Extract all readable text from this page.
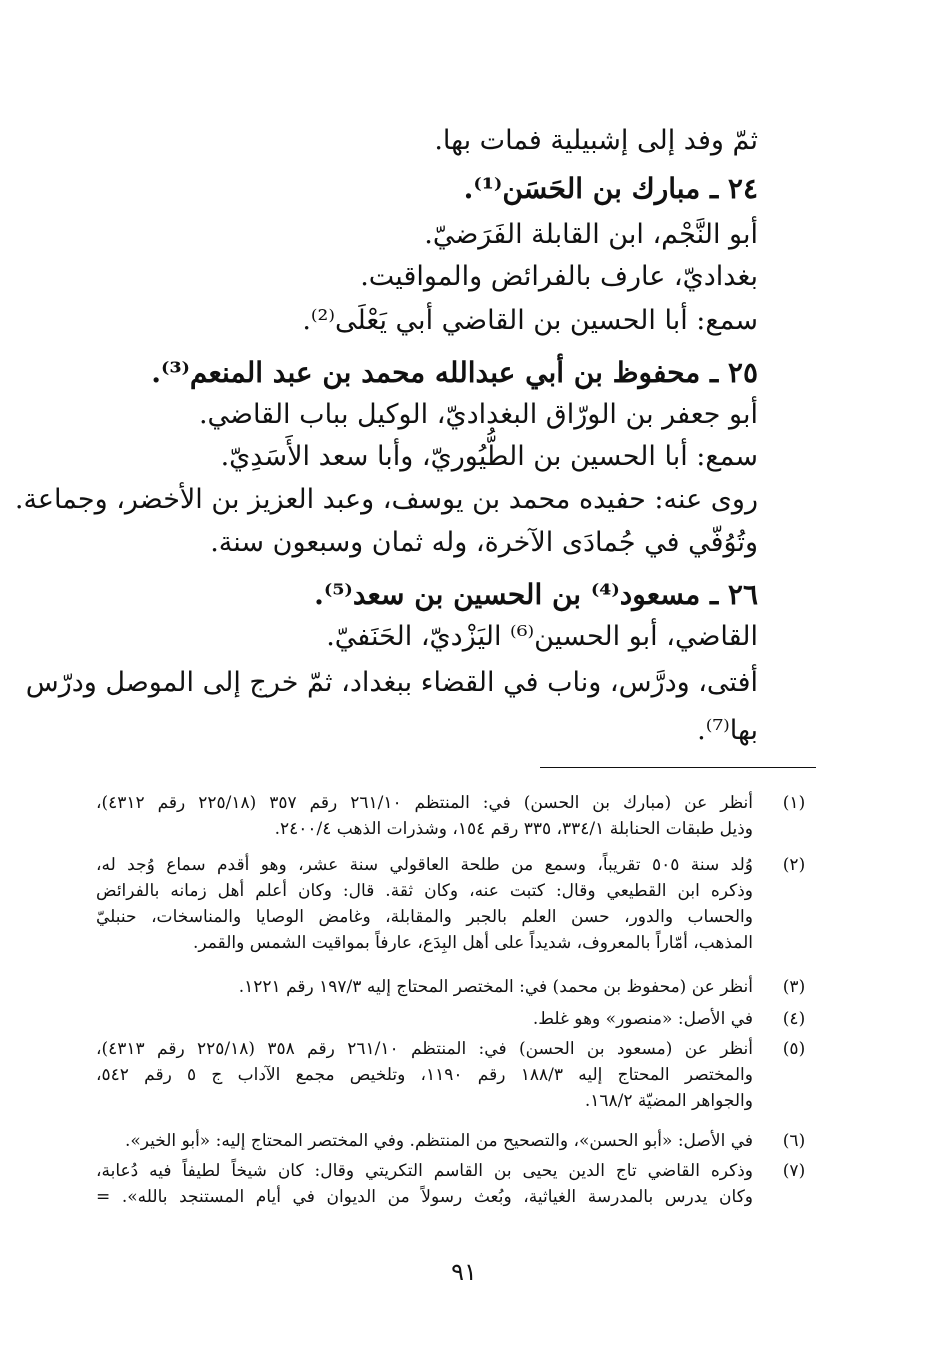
ثمّ وفد إلى إشبيلية فمات بها.
٢٤ ـ مبارك بن الحَسَن⁽¹⁾.
أبو النَّجْم، ابن القابلة الفَرَضيّ.
بغداديّ، عارف بالفرائض والمواقيت.
سمع: أبا الحسين بن القاضي أبي يَعْلَى⁽²⁾.
٢٥ ـ محفوظ بن أبي عبدالله محمد بن عبد المنعم⁽³⁾.
أبو جعفر بن الورّاق البغداديّ، الوكيل بباب القاضي.
سمع: أبا الحسين بن الطُّيُوريّ، وأبا سعد الأَسَدِيّ.
روى عنه: حفيده محمد بن يوسف، وعبد العزيز بن الأخضر، وجماعة.
وتُوُفّي في جُمادَى الآخرة، وله ثمان وسبعون سنة.
٢٦ ـ مسعود⁽⁴⁾ بن الحسين بن سعد⁽⁵⁾.
القاضي، أبو الحسين⁽⁶⁾ اليَزْديّ، الحَنَفيّ.
أفتى، ودرَّس، وناب في القضاء ببغداد، ثمّ خرج إلى الموصل ودرّس
بها⁽⁷⁾.
(١)
أنظر عن (مبارك بن الحسن) في: المنتظم ٢٦١/١٠ رقم ٣٥٧ (٢٢٥/١٨ رقم ٤٣١٢)،
وذيل طبقات الحنابلة ٣٣٤/١، ٣٣٥ رقم ١٥٤، وشذرات الذهب ٢٤٠٠/٤.
(٢)
وُلد سنة ٥٠٥ تقريباً، وسمع من طلحة العاقولي سنة عشر، وهو أقدم سماع وُجد له،
وذكره ابن القطيعي وقال: كتبت عنه، وكان ثقة. قال: وكان أعلم أهل زمانه بالفرائض
والحساب والدور، حسن العلم بالجبر والمقابلة، وغامض الوصايا والمناسخات، حنبليّ
المذهب، أمّاراً بالمعروف، شديداً على أهل البِدَع، عارفاً بمواقيت الشمس والقمر.
(٣)
أنظر عن (محفوظ بن محمد) في: المختصر المحتاج إليه ١٩٧/٣ رقم ١٢٢١.
(٤)
في الأصل: «منصور» وهو غلط.
(٥)
أنظر عن (مسعود بن الحسن) في: المنتظم ٢٦١/١٠ رقم ٣٥٨ (٢٢٥/١٨ رقم ٤٣١٣)،
والمختصر المحتاج إليه ١٨٨/٣ رقم ١١٩٠، وتلخيص مجمع الآداب ج ٥ رقم ٥٤٢،
والجواهر المضيّة ١٦٨/٢.
(٦)
في الأصل: «أبو الحسن»، والتصحيح من المنتظم. وفي المختصر المحتاج إليه: «أبو الخير».
(٧)
وذكره القاضي تاج الدين يحيى بن القاسم التكريتي وقال: كان شيخاً لطيفاً فيه دُعابة،
وكان يدرس بالمدرسة الغياثية، وبُعث رسولاً من الديوان في أيام المستنجد بالله». =
٩١
